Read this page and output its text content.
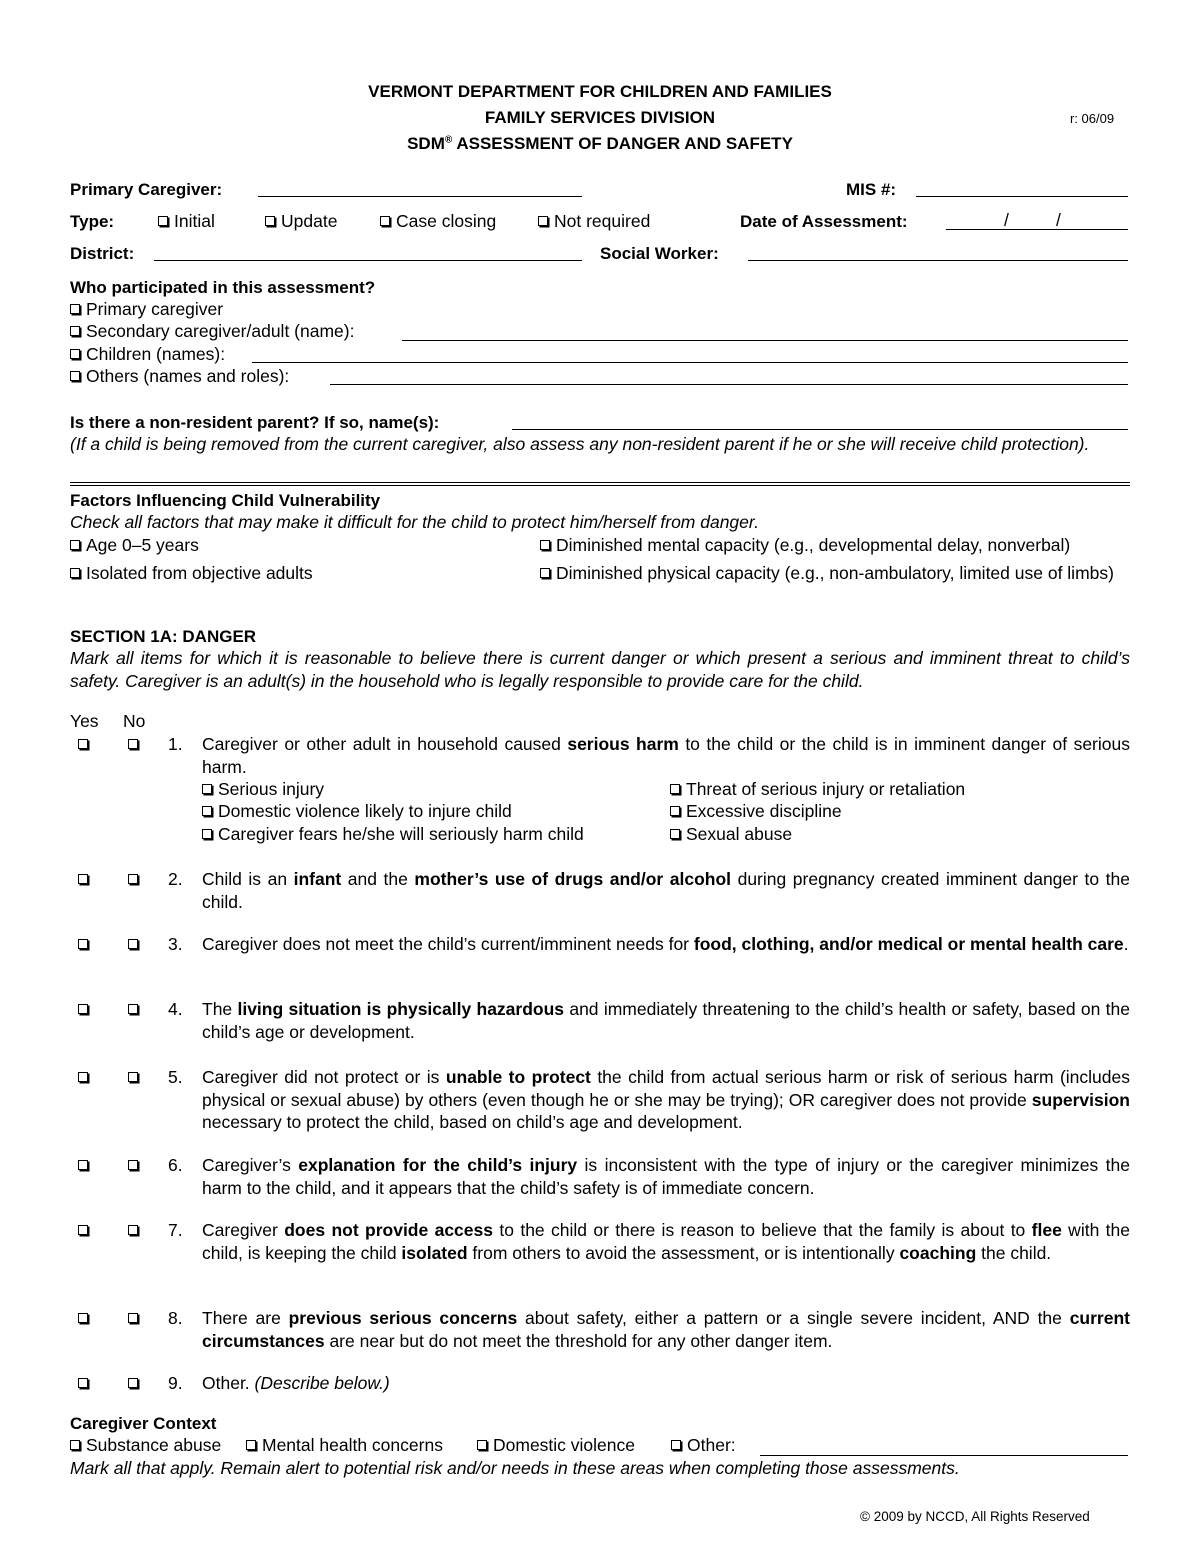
VERMONT DEPARTMENT FOR CHILDREN AND FAMILIES
FAMILY SERVICES DIVISION
SDM® ASSESSMENT OF DANGER AND SAFETY
r: 06/09
Primary Caregiver:	MIS #:
Type:	Initial	Update	Case closing	Not required	Date of Assessment:	/	/
District:	Social Worker:
Who participated in this assessment?
Primary caregiver
Secondary caregiver/adult (name):
Children (names):
Others (names and roles):
Is there a non-resident parent? If so, name(s):
(If a child is being removed from the current caregiver, also assess any non-resident parent if he or she will receive child protection).
Factors Influencing Child Vulnerability
Check all factors that may make it difficult for the child to protect him/herself from danger.
Age 0–5 years	Diminished mental capacity (e.g., developmental delay, nonverbal)
Isolated from objective adults	Diminished physical capacity (e.g., non-ambulatory, limited use of limbs)
SECTION 1A: DANGER
Mark all items for which it is reasonable to believe there is current danger or which present a serious and imminent threat to child’s safety. Caregiver is an adult(s) in the household who is legally responsible to provide care for the child.
Yes No
1. Caregiver or other adult in household caused serious harm to the child or the child is in imminent danger of serious harm.
Serious injury	Threat of serious injury or retaliation
Domestic violence likely to injure child	Excessive discipline
Caregiver fears he/she will seriously harm child	Sexual abuse
2. Child is an infant and the mother’s use of drugs and/or alcohol during pregnancy created imminent danger to the child.
3. Caregiver does not meet the child’s current/imminent needs for food, clothing, and/or medical or mental health care.
4. The living situation is physically hazardous and immediately threatening to the child’s health or safety, based on the child’s age or development.
5. Caregiver did not protect or is unable to protect the child from actual serious harm or risk of serious harm (includes physical or sexual abuse) by others (even though he or she may be trying); OR caregiver does not provide supervision necessary to protect the child, based on child’s age and development.
6. Caregiver’s explanation for the child’s injury is inconsistent with the type of injury or the caregiver minimizes the harm to the child, and it appears that the child’s safety is of immediate concern.
7. Caregiver does not provide access to the child or there is reason to believe that the family is about to flee with the child, is keeping the child isolated from others to avoid the assessment, or is intentionally coaching the child.
8. There are previous serious concerns about safety, either a pattern or a single severe incident, AND the current circumstances are near but do not meet the threshold for any other danger item.
9. Other. (Describe below.)
Caregiver Context
Substance abuse	Mental health concerns	Domestic violence	Other:
Mark all that apply. Remain alert to potential risk and/or needs in these areas when completing those assessments.
© 2009 by NCCD, All Rights Reserved
